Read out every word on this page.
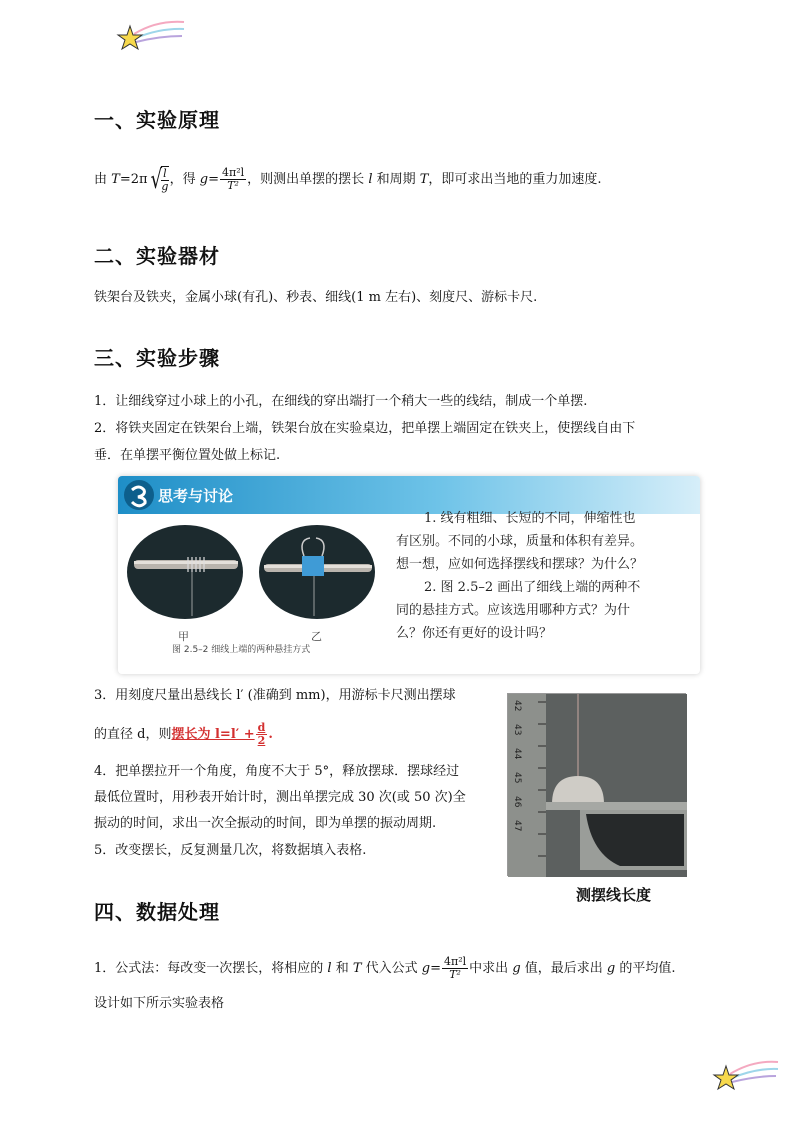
一、实验原理
由 T=2π √ $\frac{l}{g}$ ，得 $g= \frac{\text{4π²l}}{\text{T²}}$ ，则测出单摆的摆长 l 和周期 T，即可求出当地的重力加速度.
二、实验器材
铁架台及铁夹，金属小球(有孔)、秒表、细线(1 m 左右)、刻度尺、游标卡尺.
三、实验步骤
1．让细线穿过小球上的小孔，在细线的穿出端打一个稍大一些的线结，制成一个单摆.
2．将铁夹固定在铁架台上端，铁架台放在实验桌边，把单摆上端固定在铁夹上，使摆线自由下
垂．在单摆平衡位置处做上标记.
思考与讨论
甲	乙
图 2.5–2 细线上端的两种悬挂方式
1. 线有粗细、长短的不同，伸缩性也
有区别。不同的小球，质量和体积有差异。
想一想，应如何选择摆线和摆球？为什么？
2. 图 2.5–2 画出了细线上端的两种不
同的悬挂方式。应该选用哪种方式？为什
么？你还有更好的设计吗？
3．用刻度尺量出悬线长 l′ (准确到 mm)，用游标卡尺测出摆球
的直径 d，则摆长为 $l=l' + \frac{d}{2}$ .
4．把单摆拉开一个角度，角度不大于 5°，释放摆球．摆球经过
最低位置时，用秒表开始计时，测出单摆完成 30 次(或 50 次)全
振动的时间，求出一次全振动的时间，即为单摆的振动周期.
5．改变摆长，反复测量几次，将数据填入表格.
42
43
44
45
46
47
测摆线长度
四、数据处理
1．公式法：每改变一次摆长，将相应的 l 和 T 代入公式 $g= \frac{\text{4π²l}}{\text{T²}}$ 中求出 g 值，最后求出 g 的平均值.
设计如下所示实验表格
